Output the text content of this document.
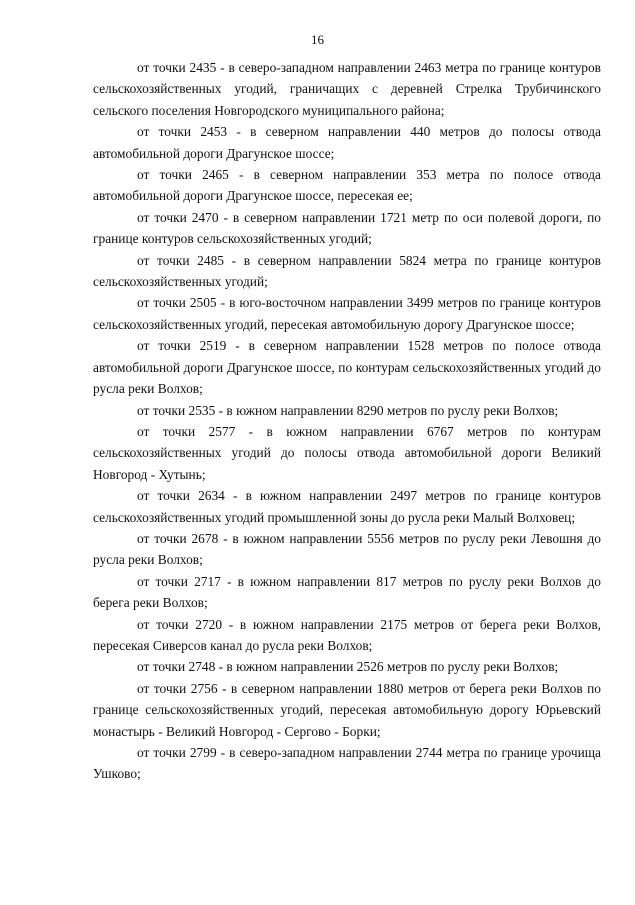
16

от точки 2435 - в северо-западном направлении 2463 метра по границе контуров сельскохозяйственных угодий, граничащих с деревней Стрелка Трубичинского сельского поселения Новгородского муниципального района;

от точки 2453 - в северном направлении 440 метров до полосы отвода автомобильной дороги Драгунское шоссе;

от точки 2465 - в северном направлении 353 метра по полосе отвода автомобильной дороги Драгунское шоссе, пересекая ее;

от точки 2470 - в северном направлении 1721 метр по оси полевой дороги, по границе контуров сельскохозяйственных угодий;

от точки 2485 - в северном направлении 5824 метра по границе контуров сельскохозяйственных угодий;

от точки 2505 - в юго-восточном направлении 3499 метров по границе контуров сельскохозяйственных угодий, пересекая автомобильную дорогу Драгунское шоссе;

от точки 2519 - в северном направлении 1528 метров по полосе отвода автомобильной дороги Драгунское шоссе, по контурам сельскохозяйственных угодий до русла реки Волхов;

от точки 2535 - в южном направлении 8290 метров по руслу реки Волхов;

от точки 2577 - в южном направлении 6767 метров по контурам сельскохозяйственных угодий до полосы отвода автомобильной дороги Великий Новгород - Хутынь;

от точки 2634 - в южном направлении 2497 метров по границе контуров сельскохозяйственных угодий промышленной зоны до русла реки Малый Волховец;

от точки 2678 - в южном направлении 5556 метров по руслу реки Левошня до русла реки Волхов;

от точки 2717 - в южном направлении 817 метров по руслу реки Волхов до берега реки Волхов;

от точки 2720 - в южном направлении 2175 метров от берега реки Волхов, пересекая Сиверсов канал до русла реки Волхов;

от точки 2748 - в южном направлении 2526 метров по руслу реки Волхов;

от точки 2756 - в северном направлении 1880 метров от берега реки Волхов по границе сельскохозяйственных угодий, пересекая автомобильную дорогу Юрьевский монастырь - Великий Новгород - Сергово - Борки;

от точки 2799 - в северо-западном направлении 2744 метра по границе урочища Ушково;
